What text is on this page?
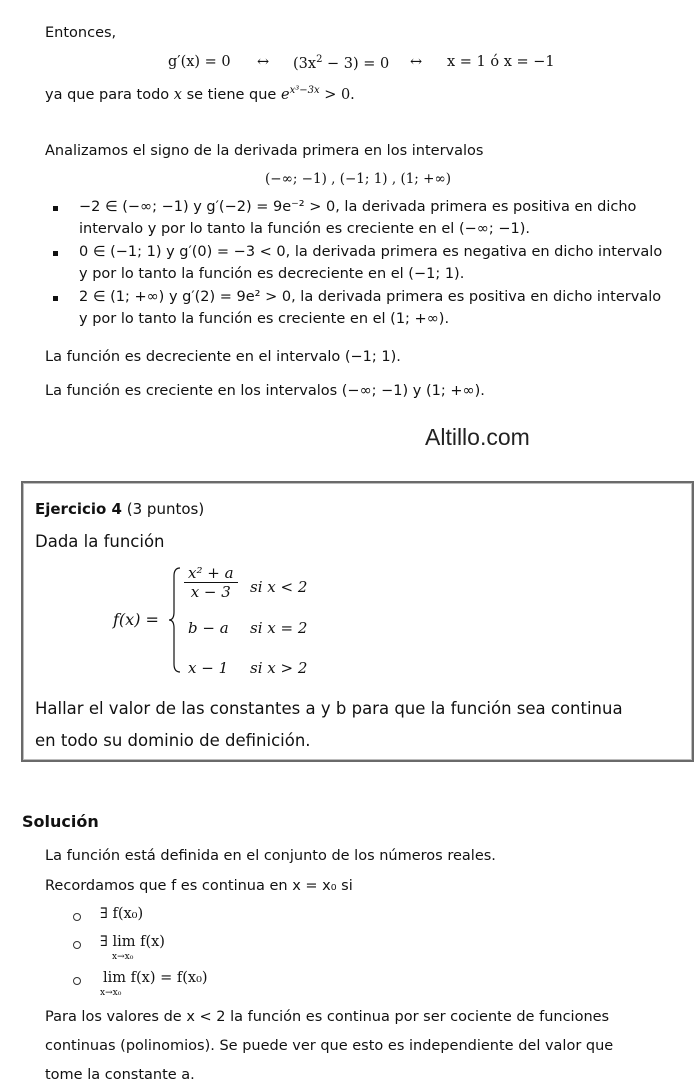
Entonces,
g′(x) = 0 ↔ $(3x^2 - 3) = 0$ ↔ x = 1 ó x = −1
ya que para todo x se tiene que $e^{x^3-3x} > 0$.
Analizamos el signo de la derivada primera en los intervalos
(−∞; −1) , (−1; 1) , (1; +∞)
−2 ∈ (−∞; −1) y g′(−2) = 9e⁻² > 0, la derivada primera es positiva en dicho
intervalo y por lo tanto la función es creciente en el (−∞; −1).
0 ∈ (−1; 1) y g′(0) = −3 < 0, la derivada primera es negativa en dicho intervalo
y por lo tanto la función es decreciente en el (−1; 1).
2 ∈ (1; +∞) y g′(2) = 9e² > 0, la derivada primera es positiva en dicho intervalo
y por lo tanto la función es creciente en el (1; +∞).
La función es decreciente en el intervalo (−1; 1).
La función es creciente en los intervalos (−∞; −1) y (1; +∞).
Altillo.com
Ejercicio 4 (3 puntos)
Dada la función
f(x) =
$\frac{\text{x² + a}}{x - 3}$ si x < 2
b − a si x = 2
x − 1 si x > 2
Hallar el valor de las constantes a y b para que la función sea continua
en todo su dominio de definición.
Solución
La función está definida en el conjunto de los números reales.
Recordamos que f es continua en x = x₀ si
∃ f(x₀)
∃ lim f(x)
x→x₀
lim f(x) = f(x₀)
x→x₀
Para los valores de x < 2 la función es continua por ser cociente de funciones
continuas (polinomios). Se puede ver que esto es independiente del valor que
tome la constante a.
